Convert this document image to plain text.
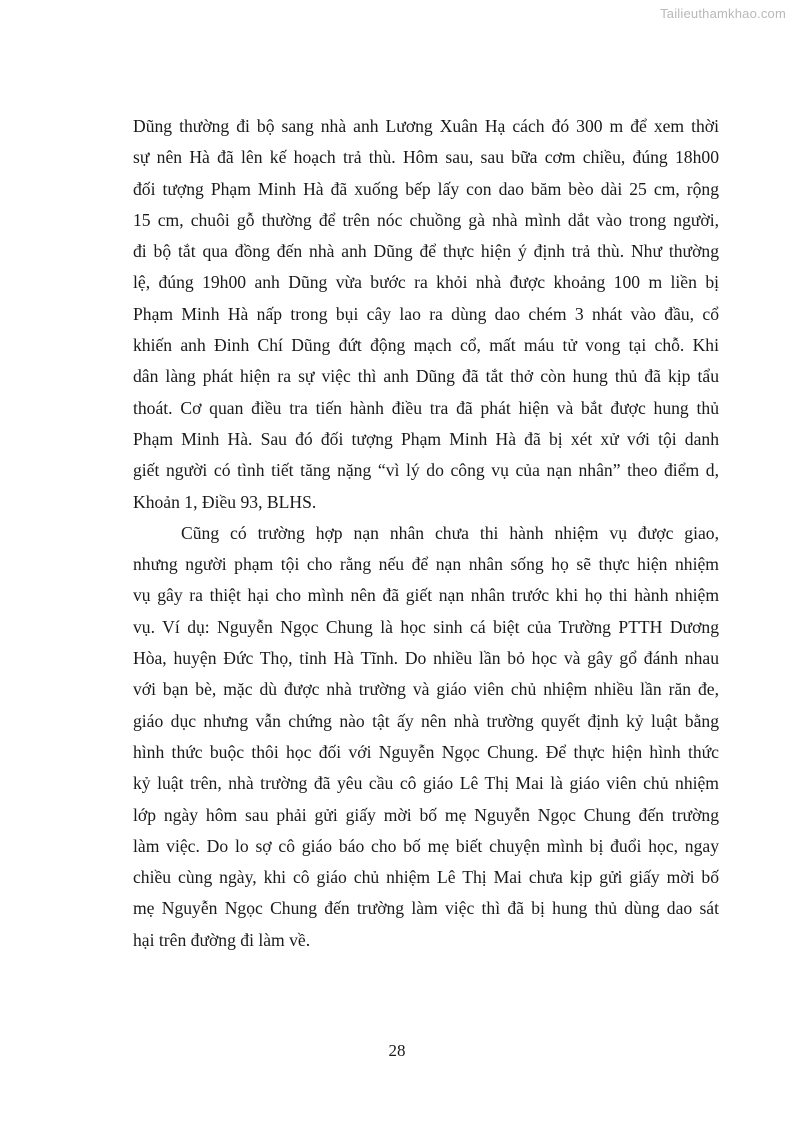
Tailieuthamkhao.com
Dũng thường đi bộ sang nhà anh Lương Xuân Hạ cách đó 300 m để xem thời
sự nên Hà đã lên kế hoạch trả thù. Hôm sau, sau bữa cơm chiều, đúng 18h00
đối tượng Phạm Minh Hà đã xuống bếp lấy con dao băm bèo dài 25 cm, rộng
15 cm, chuôi gỗ thường để trên nóc chuồng gà nhà mình dắt vào trong người,
đi bộ tắt qua đồng đến nhà anh Dũng để thực hiện ý định trả thù. Như thường
lệ, đúng 19h00 anh Dũng vừa bước ra khỏi nhà được khoảng 100 m liền bị
Phạm Minh Hà nấp trong bụi cây lao ra dùng dao chém 3 nhát vào đầu, cổ
khiến anh Đinh Chí Dũng đứt động mạch cổ, mất máu tử vong tại chỗ. Khi
dân làng phát hiện ra sự việc thì anh Dũng đã tắt thở còn hung thủ đã kịp tẩu
thoát. Cơ quan điều tra tiến hành điều tra đã phát hiện và bắt được hung thủ
Phạm Minh Hà. Sau đó đối tượng Phạm Minh Hà đã bị xét xử với tội danh
giết người có tình tiết tăng nặng “vì lý do công vụ của nạn nhân” theo điểm d,
Khoản 1, Điều 93, BLHS.
Cũng có trường hợp nạn nhân chưa thi hành nhiệm vụ được giao,
nhưng người phạm tội cho rằng nếu để nạn nhân sống họ sẽ thực hiện nhiệm
vụ gây ra thiệt hại cho mình nên đã giết nạn nhân trước khi họ thi hành nhiệm
vụ. Ví dụ: Nguyễn Ngọc Chung là học sinh cá biệt của Trường PTTH Dương
Hòa, huyện Đức Thọ, tỉnh Hà Tĩnh. Do nhiều lần bỏ học và gây gổ đánh nhau
với bạn bè, mặc dù được nhà trường và giáo viên chủ nhiệm nhiều lần răn đe,
giáo dục nhưng vẫn chứng nào tật ấy nên nhà trường quyết định kỷ luật bằng
hình thức buộc thôi học đối với Nguyễn Ngọc Chung. Để thực hiện hình thức
kỷ luật trên, nhà trường đã yêu cầu cô giáo Lê Thị Mai là giáo viên chủ nhiệm
lớp ngày hôm sau phải gửi giấy mời bố mẹ Nguyễn Ngọc Chung đến trường
làm việc. Do lo sợ cô giáo báo cho bố mẹ biết chuyện mình bị đuổi học, ngay
chiều cùng ngày, khi cô giáo chủ nhiệm Lê Thị Mai chưa kịp gửi giấy mời bố
mẹ Nguyễn Ngọc Chung đến trường làm việc thì đã bị hung thủ dùng dao sát
hại trên đường đi làm về.
28
